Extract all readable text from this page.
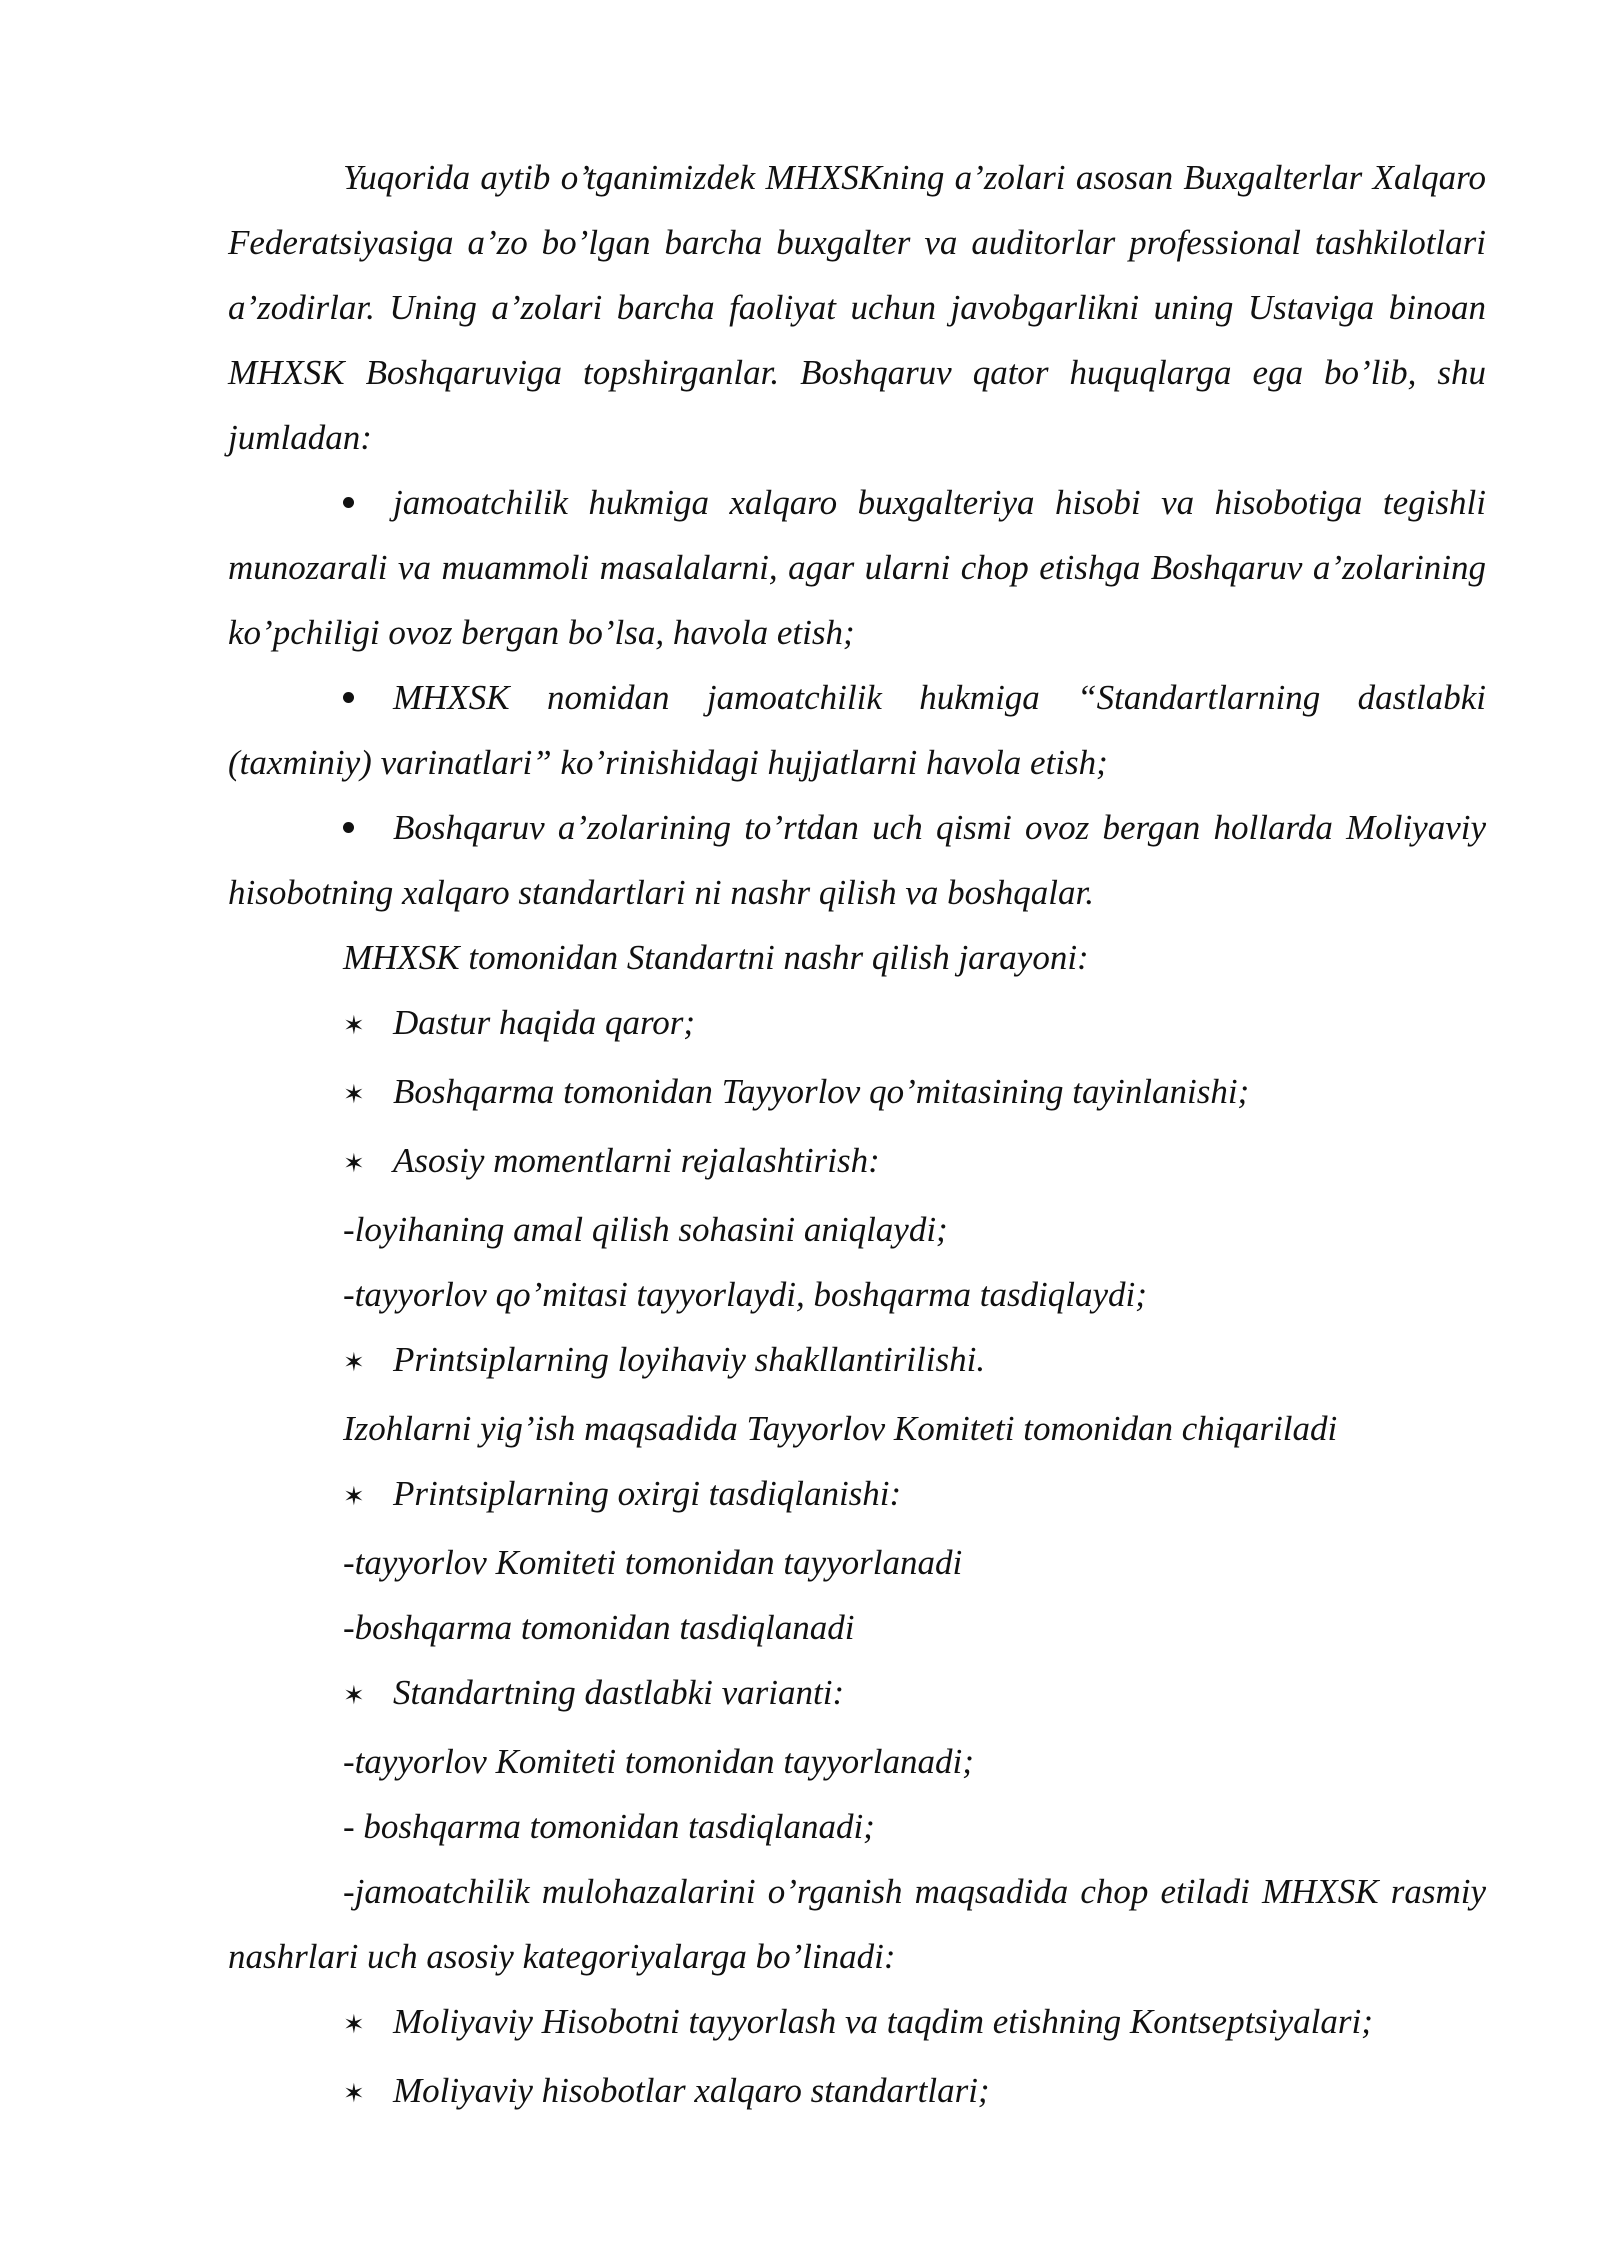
Yuqorida aytib o’tganimizdek MHXSKning a’zolari asosan Buxgalterlar Xalqaro Federatsiyasiga a’zo bo’lgan barcha buxgalter va auditorlar professional tashkilotlari a’zodirlar. Uning a’zolari barcha faoliyat uchun javobgarlikni uning Ustaviga binoan MHXSK Boshqaruviga topshirganlar. Boshqaruv qator huquqlarga ega bo’lib, shu jumladan:

jamoatchilik hukmiga xalqaro buxgalteriya hisobi va hisobotiga tegishli munozarali va muammoli masalalarni, agar ularni chop etishga Boshqaruv a’zolarining ko’pchiligi ovoz bergan bo’lsa, havola etish;

MHXSK nomidan jamoatchilik hukmiga “Standartlarning dastlabki (taxminiy) varinatlari” ko’rinishidagi hujjatlarni havola etish;

Boshqaruv a’zolarining to’rtdan uch qismi ovoz bergan hollarda Moliyaviy hisobotning xalqaro standartlari ni nashr qilish va boshqalar.

MHXSK tomonidan Standartni nashr qilish jarayoni:

✶ Dastur haqida qaror;

✶ Boshqarma tomonidan Tayyorlov qo’mitasining tayinlanishi;

✶ Asosiy momentlarni rejalashtirish:

-loyihaning amal qilish sohasini aniqlaydi;

-tayyorlov qo’mitasi tayyorlaydi, boshqarma tasdiqlaydi;

✶ Printsiplarning loyihaviy shakllantirilishi.

Izohlarni yig’ish maqsadida Tayyorlov Komiteti tomonidan chiqariladi

✶ Printsiplarning oxirgi tasdiqlanishi:

-tayyorlov Komiteti tomonidan tayyorlanadi

-boshqarma tomonidan tasdiqlanadi

✶ Standartning dastlabki varianti:

-tayyorlov Komiteti tomonidan tayyorlanadi;

- boshqarma tomonidan tasdiqlanadi;

-jamoatchilik mulohazalarini o’rganish maqsadida chop etiladi MHXSK rasmiy nashrlari uch asosiy kategoriyalarga bo’linadi:

✶ Moliyaviy Hisobotni tayyorlash va taqdim etishning Kontseptsiyalari;

✶ Moliyaviy hisobotlar xalqaro standartlari;
